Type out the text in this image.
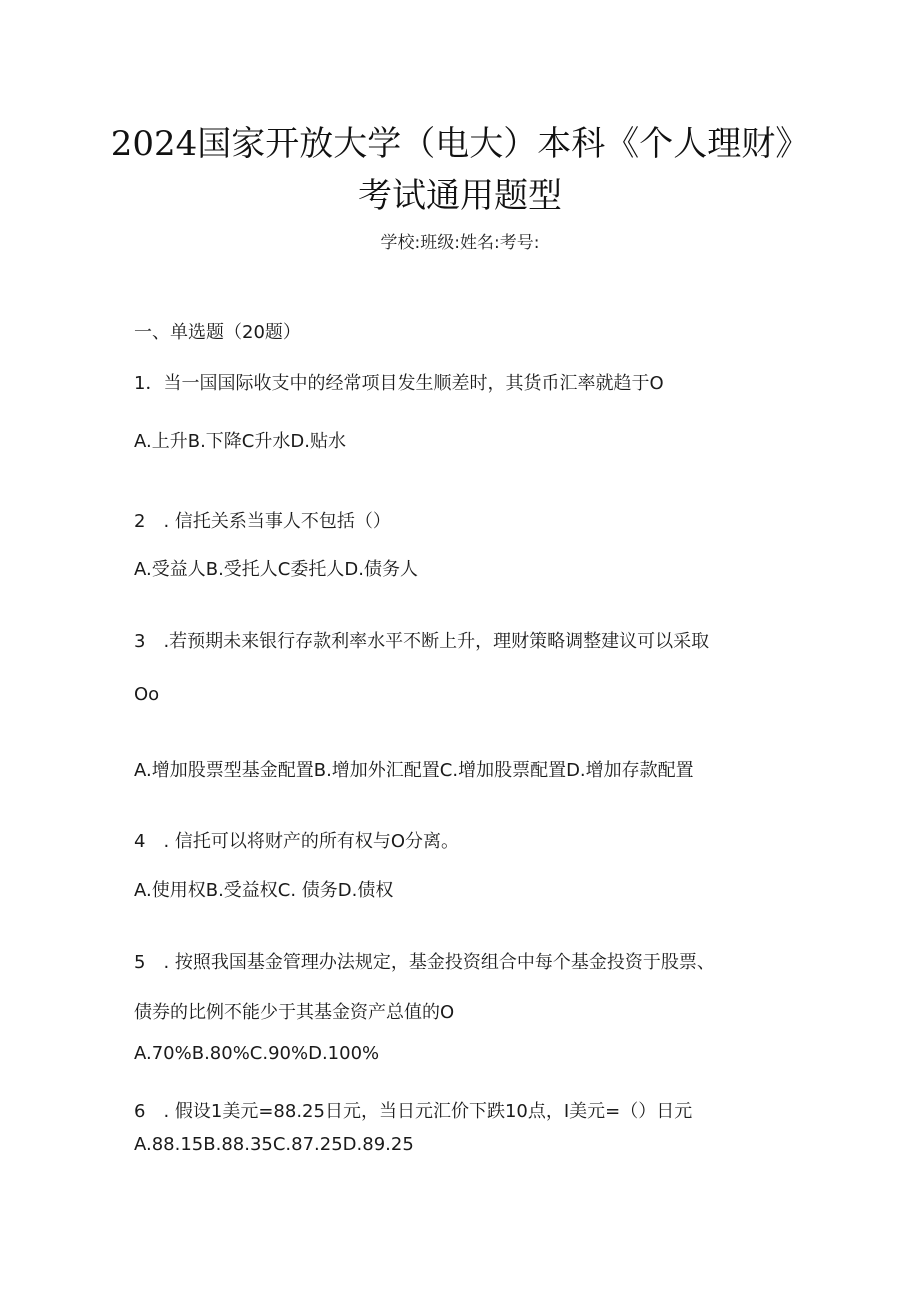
2024国家开放大学（电大）本科《个人理财》
考试通用题型
学校:班级:姓名:考号:
一、单选题（20题）
1．当一国国际收支中的经常项目发生顺差时，其货币汇率就趋于O
A.上升B.下降C升水D.贴水
2　. 信托关系当事人不包括（）
A.受益人B.受托人C委托人D.债务人
3　.若预期未来银行存款利率水平不断上升，理财策略调整建议可以采取
Oo
A.增加股票型基金配置B.增加外汇配置C.增加股票配置D.增加存款配置
4　. 信托可以将财产的所有权与O分离。
A.使用权B.受益权C. 债务D.债权
5　. 按照我国基金管理办法规定，基金投资组合中每个基金投资于股票、
债券的比例不能少于其基金资产总值的O
A.70%B.80%C.90%D.100%
6　. 假设1美元=88.25日元，当日元汇价下跌10点，I美元=（）日元
A.88.15B.88.35C.87.25D.89.25
